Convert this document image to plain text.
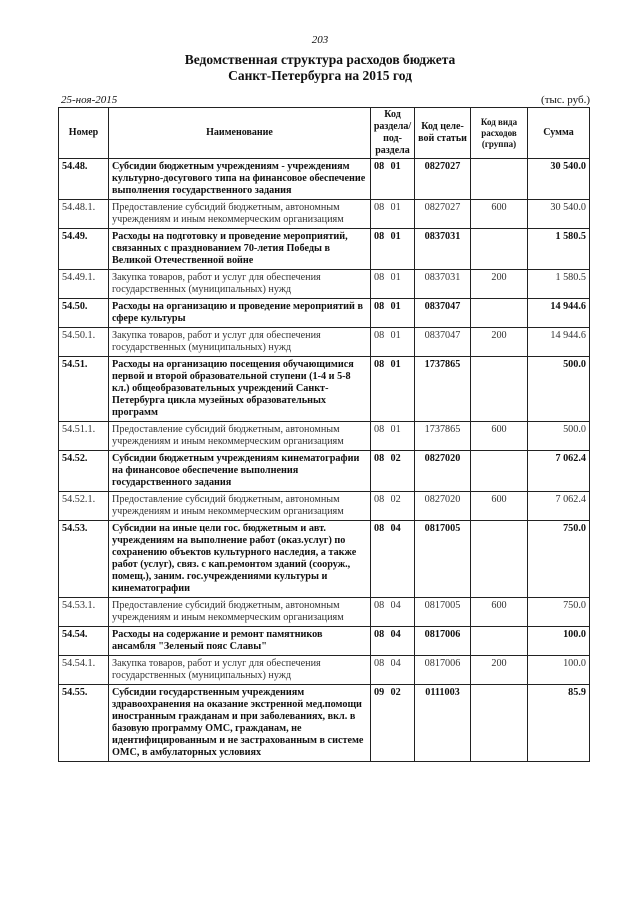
203
Ведомственная структура расходов бюджета
Санкт-Петербурга на 2015 год
25-ноя-2015	(тыс. руб.)
Номер	Наименование	Код раздела/ под-раздела		Код целе-вой статьи	Код вида расходов (группа)	Сумма
54.48.	Субсидии бюджетным учреждениям - учреждениям культурно-досугового типа на финансовое обеспечение выполнения государственного задания	08	01	0827027		30 540.0
54.48.1.	Предоставление субсидий бюджетным, автономным учреждениям и иным некоммерческим организациям	08	01	0827027	600	30 540.0
54.49.	Расходы на подготовку и проведение мероприятий, связанных с празднованием 70-летия Победы в Великой Отечественной войне	08	01	0837031		1 580.5
54.49.1.	Закупка товаров, работ и услуг для обеспечения государственных (муниципальных) нужд	08	01	0837031	200	1 580.5
54.50.	Расходы на организацию и проведение мероприятий в сфере культуры	08	01	0837047		14 944.6
54.50.1.	Закупка товаров, работ и услуг для обеспечения государственных (муниципальных) нужд	08	01	0837047	200	14 944.6
54.51.	Расходы на организацию посещения обучающимися первой и второй образовательной ступени (1-4 и 5-8 кл.) общеобразовательных учреждений Санкт-Петербурга цикла музейных образовательных программ	08	01	1737865		500.0
54.51.1.	Предоставление субсидий бюджетным, автономным учреждениям и иным некоммерческим организациям	08	01	1737865	600	500.0
54.52.	Субсидии бюджетным учреждениям кинематографии на финансовое обеспечение выполнения государственного задания	08	02	0827020		7 062.4
54.52.1.	Предоставление субсидий бюджетным, автономным учреждениям и иным некоммерческим организациям	08	02	0827020	600	7 062.4
54.53.	Субсидии на иные цели гос. бюджетным и авт. учреждениям на выполнение работ (оказ.услуг) по сохранению объектов культурного наследия, а также работ (услуг), связ. с кап.ремонтом зданий (сооруж., помещ.), заним. гос.учреждениями культуры и кинематографии	08	04	0817005		750.0
54.53.1.	Предоставление субсидий бюджетным, автономным учреждениям и иным некоммерческим организациям	08	04	0817005	600	750.0
54.54.	Расходы на содержание и ремонт памятников ансамбля "Зеленый пояс Славы"	08	04	0817006		100.0
54.54.1.	Закупка товаров, работ и услуг для обеспечения государственных (муниципальных) нужд	08	04	0817006	200	100.0
54.55.	Субсидии государственным учреждениям здравоохранения на оказание экстренной мед.помощи иностранным гражданам и при заболеваниях, вкл. в базовую программу ОМС, гражданам, не идентифицированным и не застрахованным в системе ОМС, в амбулаторных условиях	09	02	0111003		85.9
